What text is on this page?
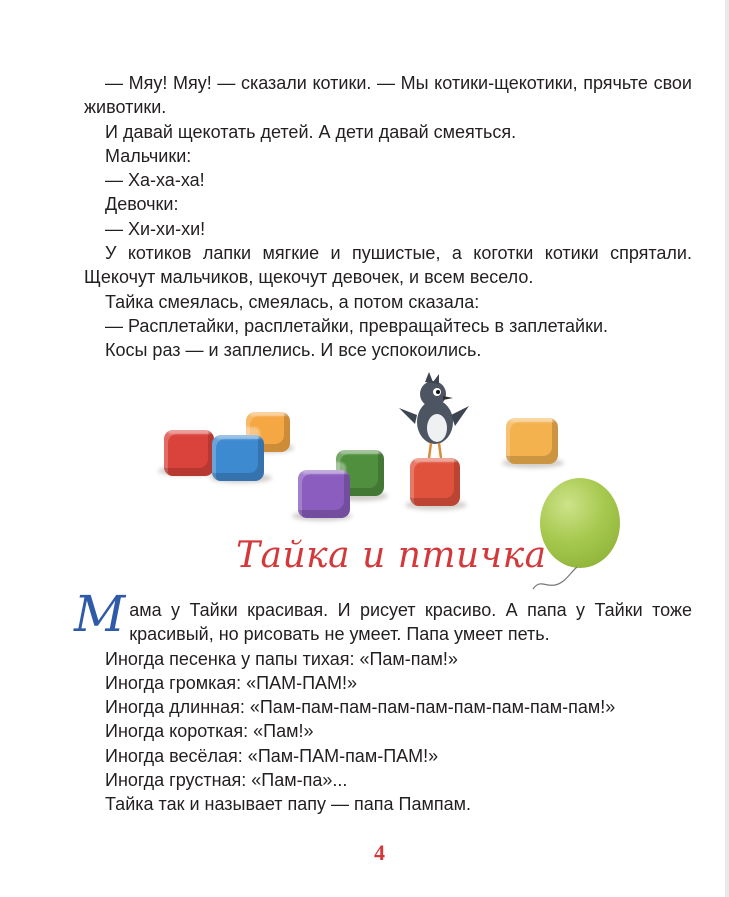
— Мяу! Мяу! — сказали котики. — Мы котики-щекотики, прячьте свои животики.

И давай щекотать детей. А дети давай смеяться.

Мальчики:

— Ха-ха-ха!

Девочки:

— Хи-хи-хи!

У котиков лапки мягкие и пушистые, а коготки котики спрятали. Щекочут мальчиков, щекочут девочек, и всем весело.

Тайка смеялась, смеялась, а потом сказала:

— Расплетайки, расплетайки, превращайтесь в заплетайки.

Косы раз — и заплелись. И все успокоились.

Тайка и птичка

М ама у Тайки красивая. И рисует красиво. А папа у Тайки тоже красивый, но рисовать не умеет. Папа умеет петь.

Иногда песенка у папы тихая: «Пам-пам!»

Иногда громкая: «ПАМ-ПАМ!»

Иногда длинная: «Пам-пам-пам-пам-пам-пам-пам-пам-пам!»

Иногда короткая: «Пам!»

Иногда весёлая: «Пам-ПАМ-пам-ПАМ!»

Иногда грустная: «Пам-па»...

Тайка так и называет папу — папа Пампам.

4
